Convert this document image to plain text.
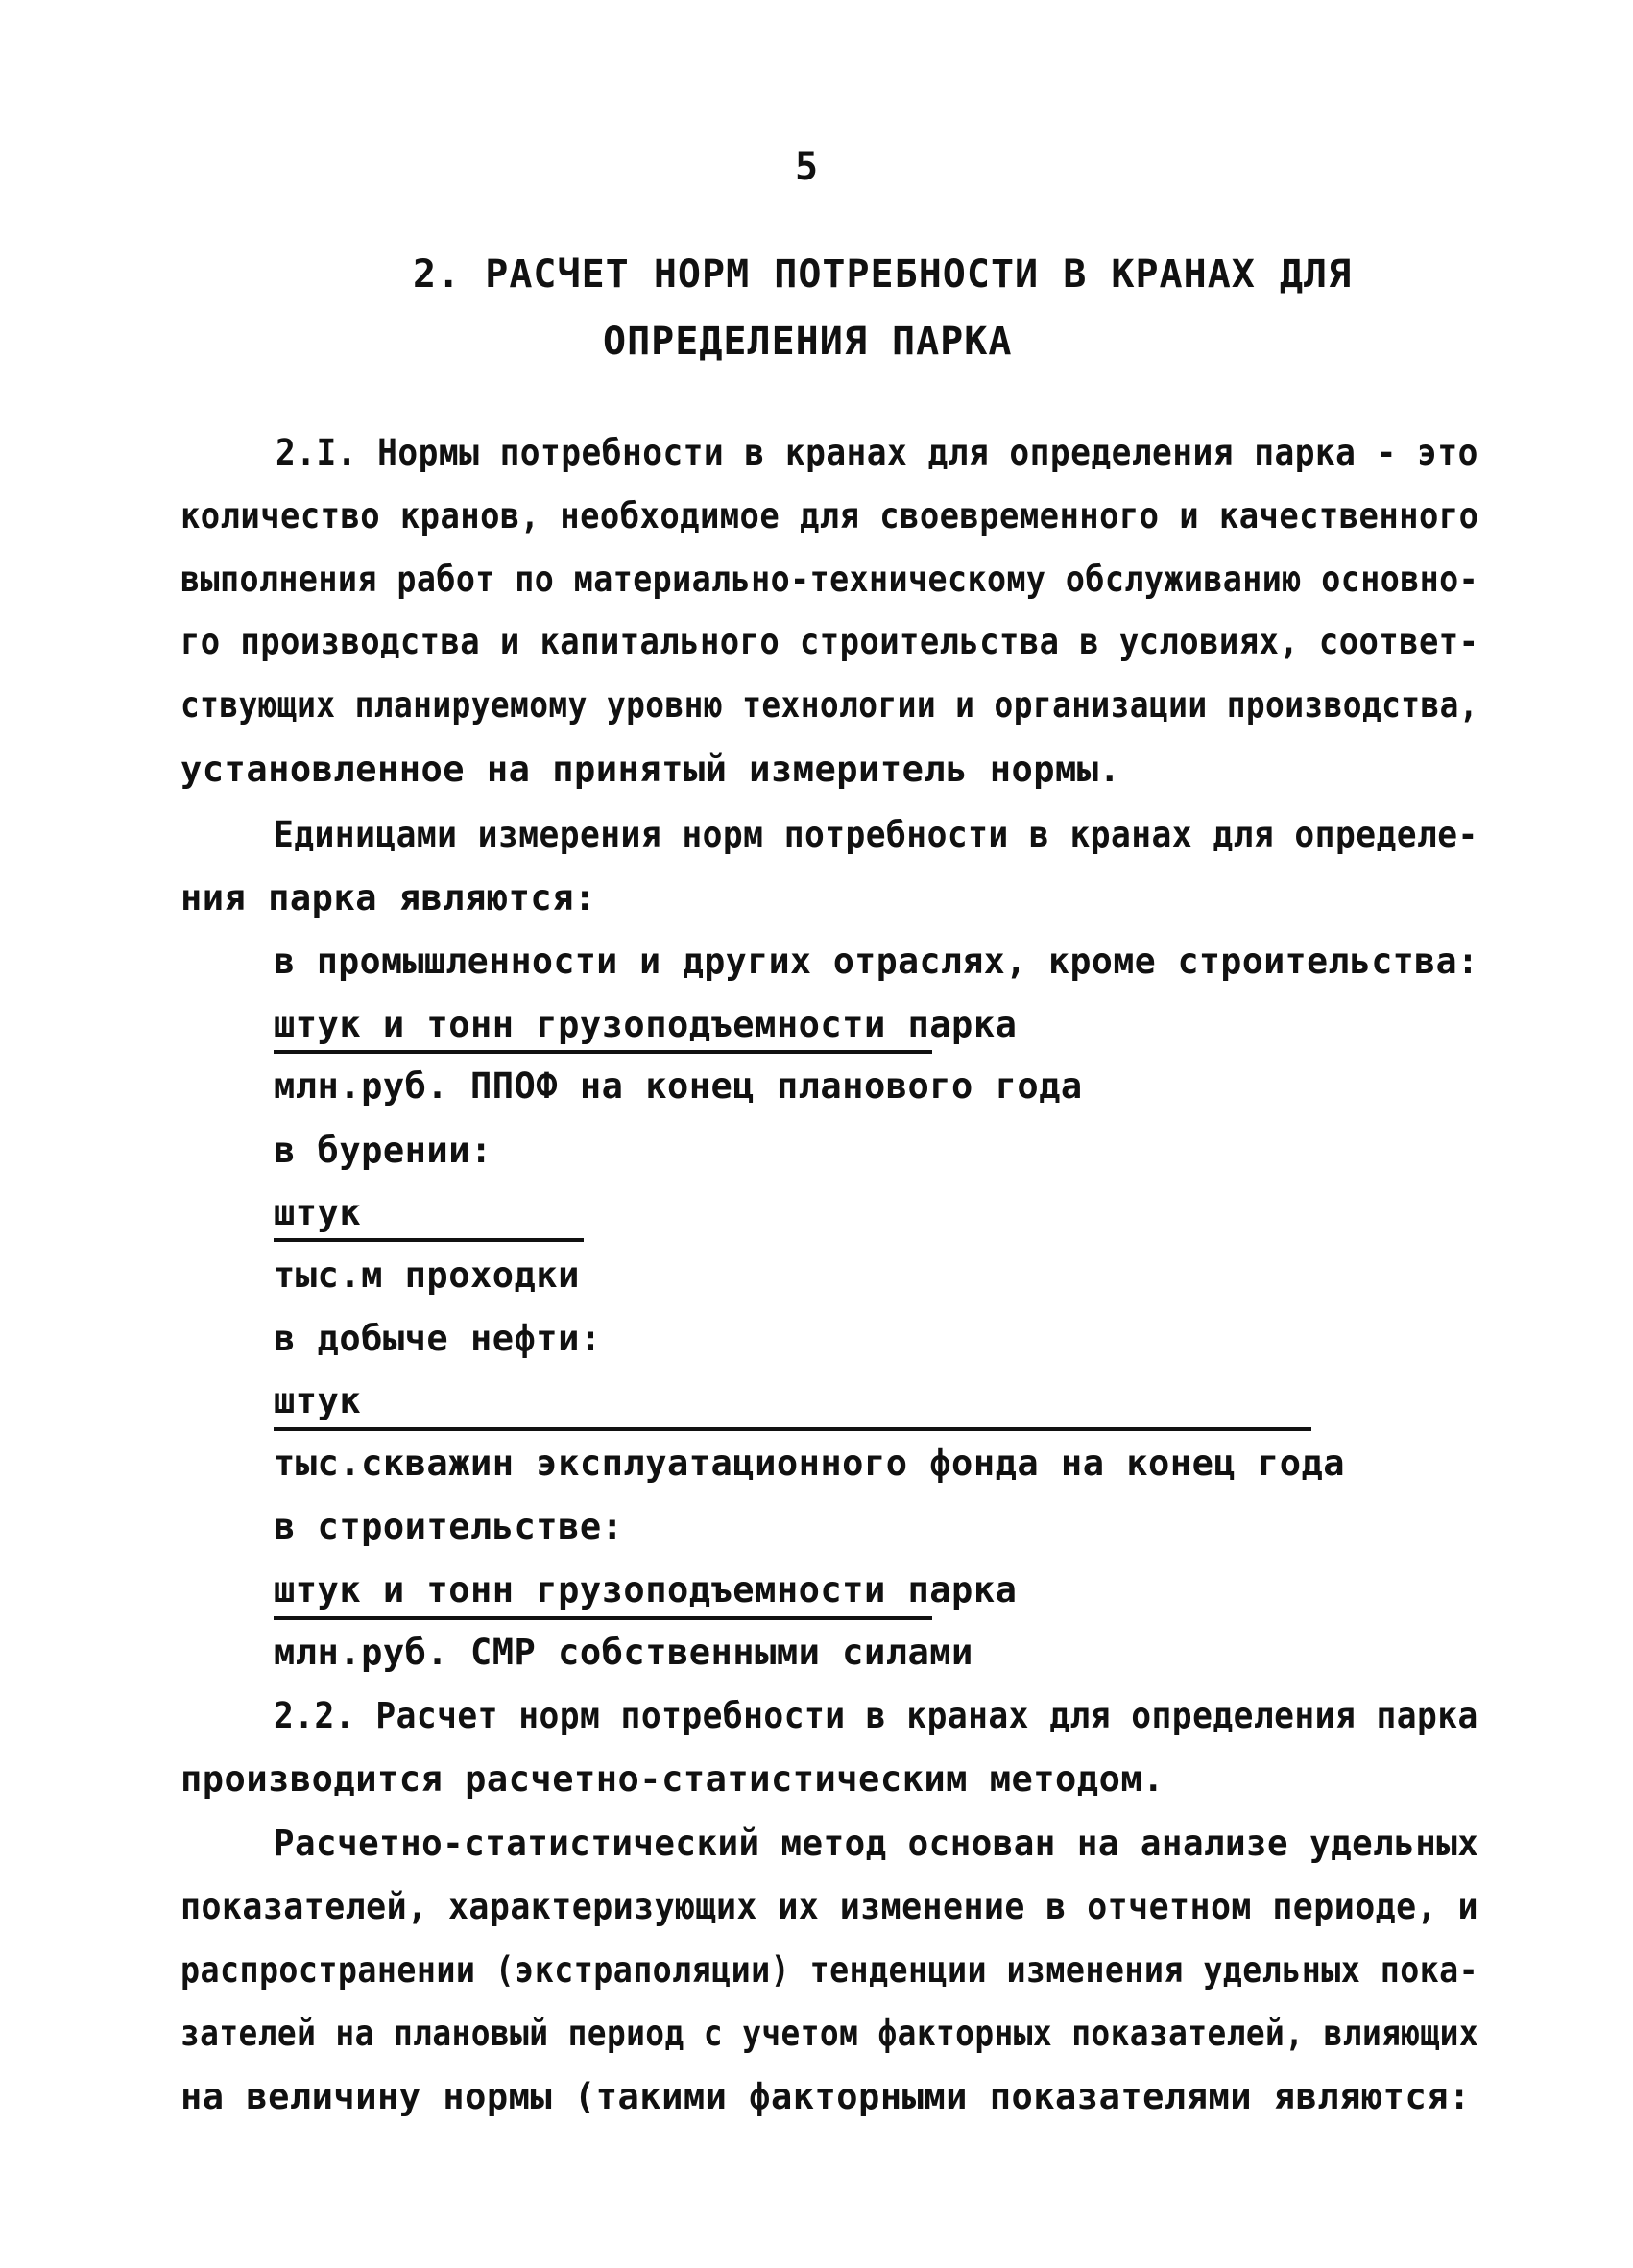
5
2. РАСЧЕТ НОРМ ПОТРЕБНОСТИ В КРАНАХ ДЛЯ
ОПРЕДЕЛЕНИЯ ПАРКА
2.I. Нормы потребности в кранах для определения парка - это
количество кранов, необходимое для своевременного и качественного
выполнения работ по материально-техническому обслуживанию основно-
го производства и капитального строительства в условиях, соответ-
ствующих планируемому уровню технологии и организации производства,
установленное на принятый измеритель нормы.
Единицами измерения норм потребности в кранах для определе-
ния парка являются:
в промышленности и других отраслях, кроме строительства:
штук и тонн грузоподъемности парка
млн.руб. ППОФ на конец планового года
в бурении:
штук
тыс.м проходки
в добыче нефти:
штук
тыс.скважин эксплуатационного фонда на конец года
в строительстве:
штук и тонн грузоподъемности парка
млн.руб. СМР собственными силами
2.2. Расчет норм потребности в кранах для определения парка
производится расчетно-статистическим методом.
Расчетно-статистический метод основан на анализе удельных
показателей, характеризующих их изменение в отчетном периоде, и
распространении (экстраполяции) тенденции изменения удельных пока-
зателей на плановый период с учетом факторных показателей, влияющих
на величину нормы (такими факторными показателями являются:
